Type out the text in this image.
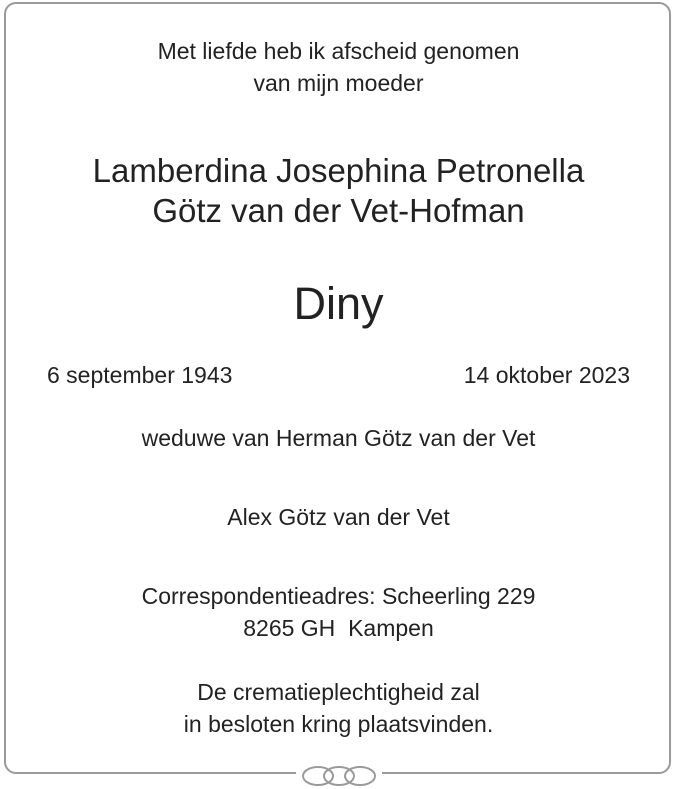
Met liefde heb ik afscheid genomen
van mijn moeder
Lamberdina Josephina Petronella
Götz van der Vet-Hofman
Diny
6 september 1943	14 oktober 2023
weduwe van Herman Götz van der Vet
Alex Götz van der Vet
Correspondentieadres: Scheerling 229
8265 GH  Kampen
De crematieplechtigheid zal
in besloten kring plaatsvinden.
